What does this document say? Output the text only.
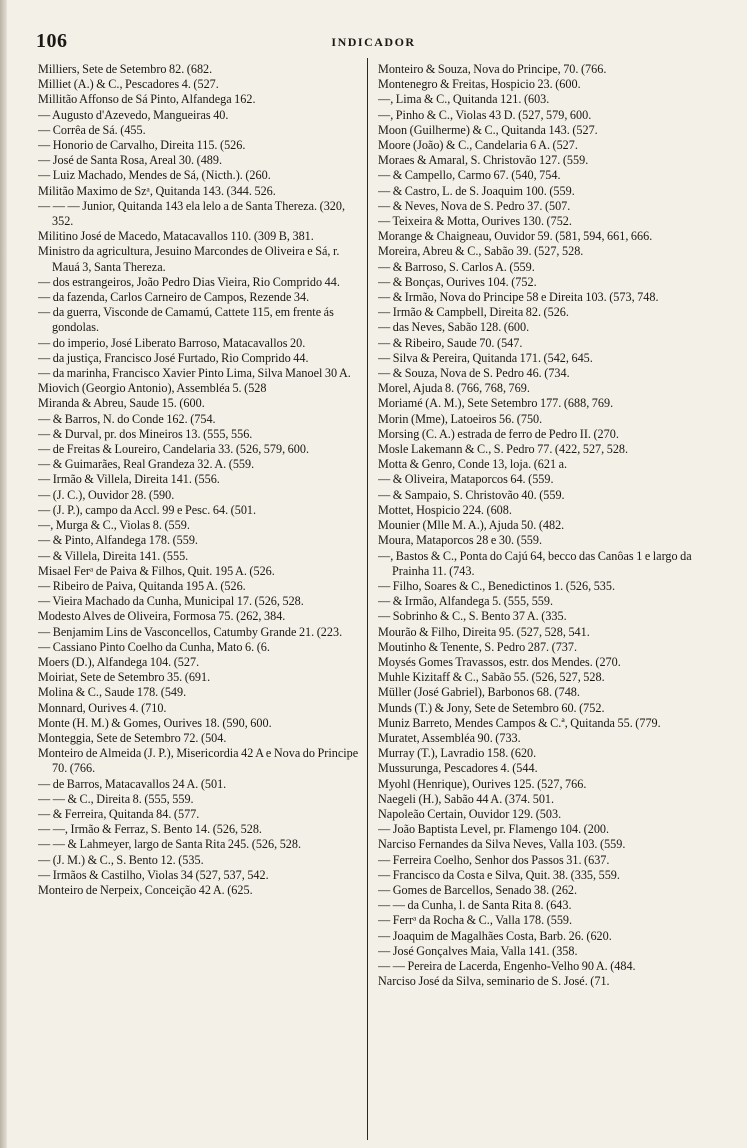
106	INDICADOR
Milliers, Sete de Setembro 82. (682.
Milliet (A.) & C., Pescadores 4. (527.
Millitão Affonso de Sá Pinto, Alfandega 162.
— Augusto d'Azevedo, Mangueiras 40.
— Corrêa de Sá. (455.
— Honorio de Carvalho, Direita 115. (526.
— José de Santa Rosa, Areal 30. (489.
— Luiz Machado, Mendes de Sá, (Nicth.). (260.
Militão Maximo de Szᵃ, Quitanda 143. (344. 526.
— — — Junior, Quitanda 143 ela lelo a de Santa Thereza. (320, 352.
Militino José de Macedo, Matacavallos 110. (309 B, 381.
Ministro da agricultura, Jesuino Marcondes de Oliveira e Sá, r. Mauá 3, Santa Thereza.
— dos estrangeiros, João Pedro Dias Vieira, Rio Comprido 44.
— da fazenda, Carlos Carneiro de Campos, Rezende 34.
— da guerra, Visconde de Camamú, Cattete 115, em frente ás gondolas.
— do imperio, José Liberato Barroso, Matacavallos 20.
— da justiça, Francisco José Furtado, Rio Comprido 44.
— da marinha, Francisco Xavier Pinto Lima, Silva Manoel 30 A.
Miovich (Georgio Antonio), Assembléa 5. (528
Miranda & Abreu, Saude 15. (600.
— & Barros, N. do Conde 162. (754.
— & Durval, pr. dos Mineiros 13. (555, 556.
— de Freitas & Loureiro, Candelaria 33. (526, 579, 600.
— & Guimarães, Real Grandeza 32. A. (559.
— Irmão & Villela, Direita 141. (556.
— (J. C.), Ouvidor 28. (590.
— (J. P.), campo da Accl. 99 e Pesc. 64. (501.
—, Murga & C., Violas 8. (559.
— & Pinto, Alfandega 178. (559.
— & Villela, Direita 141. (555.
Misael Ferᵃ de Paiva & Filhos, Quit. 195 A. (526.
— Ribeiro de Paiva, Quitanda 195 A. (526.
— Vieira Machado da Cunha, Municipal 17. (526, 528.
Modesto Alves de Oliveira, Formosa 75. (262, 384.
— Benjamim Lins de Vasconcellos, Catumby Grande 21. (223.
— Cassiano Pinto Coelho da Cunha, Mato 6. (6.
Moers (D.), Alfandega 104. (527.
Moiriat, Sete de Setembro 35. (691.
Molina & C., Saude 178. (549.
Monnard, Ourives 4. (710.
Monte (H. M.) & Gomes, Ourives 18. (590, 600.
Monteggia, Sete de Setembro 72. (504.
Monteiro de Almeida (J. P.), Misericordia 42 A e Nova do Principe 70. (766.
— de Barros, Matacavallos 24 A. (501.
— — & C., Direita 8. (555, 559.
— & Ferreira, Quitanda 84. (577.
— —, Irmão & Ferraz, S. Bento 14. (526, 528.
— — & Lahmeyer, largo de Santa Rita 245. (526, 528.
— (J. M.) & C., S. Bento 12. (535.
— Irmãos & Castilho, Violas 34 (527, 537, 542.
Monteiro de Nerpeix, Conceição 42 A. (625.
Monteiro & Souza, Nova do Principe, 70. (766.
Montenegro & Freitas, Hospicio 23. (600.
—, Lima & C., Quitanda 121. (603.
—, Pinho & C., Violas 43 D. (527, 579, 600.
Moon (Guilherme) & C., Quitanda 143. (527.
Moore (João) & C., Candelaria 6 A. (527.
Moraes & Amaral, S. Christovão 127. (559.
— & Campello, Carmo 67. (540, 754.
— & Castro, L. de S. Joaquim 100. (559.
— & Neves, Nova de S. Pedro 37. (507.
— Teixeira & Motta, Ourives 130. (752.
Morange & Chaigneau, Ouvidor 59. (581, 594, 661, 666.
Moreira, Abreu & C., Sabão 39. (527, 528.
— & Barroso, S. Carlos A. (559.
— & Bonças, Ourives 104. (752.
— & Irmão, Nova do Principe 58 e Direita 103. (573, 748.
— Irmão & Campbell, Direita 82. (526.
— das Neves, Sabão 128. (600.
— & Ribeiro, Saude 70. (547.
— Silva & Pereira, Quitanda 171. (542, 645.
— & Souza, Nova de S. Pedro 46. (734.
Morel, Ajuda 8. (766, 768, 769.
Moriamé (A. M.), Sete Setembro 177. (688, 769.
Morin (Mme), Latoeiros 56. (750.
Morsing (C. A.) estrada de ferro de Pedro II. (270.
Mosle Lakemann & C., S. Pedro 77. (422, 527, 528.
Motta & Genro, Conde 13, loja. (621 a.
— & Oliveira, Mataporcos 64. (559.
— & Sampaio, S. Christovão 40. (559.
Mottet, Hospicio 224. (608.
Mounier (Mlle M. A.), Ajuda 50. (482.
Moura, Mataporcos 28 e 30. (559.
—, Bastos & C., Ponta do Cajú 64, becco das Canôas 1 e largo da Prainha 11. (743.
— Filho, Soares & C., Benedictinos 1. (526, 535.
— & Irmão, Alfandega 5. (555, 559.
— Sobrinho & C., S. Bento 37 A. (335.
Mourão & Filho, Direita 95. (527, 528, 541.
Moutinho & Tenente, S. Pedro 287. (737.
Moysés Gomes Travassos, estr. dos Mendes. (270.
Muhle Kizitaff & C., Sabão 55. (526, 527, 528.
Müller (José Gabriel), Barbonos 68. (748.
Munds (T.) & Jony, Sete de Setembro 60. (752.
Muniz Barreto, Mendes Campos & C.ª, Quitanda 55. (779.
Muratet, Assembléa 90. (733.
Murray (T.), Lavradio 158. (620.
Mussurunga, Pescadores 4. (544.
Myohl (Henrique), Ourives 125. (527, 766.
Naegeli (H.), Sabão 44 A. (374. 501.
Napoleão Certain, Ouvidor 129. (503.
— João Baptista Level, pr. Flamengo 104. (200.
Narciso Fernandes da Silva Neves, Valla 103. (559.
— Ferreira Coelho, Senhor dos Passos 31. (637.
— Francisco da Costa e Silva, Quit. 38. (335, 559.
— Gomes de Barcellos, Senado 38. (262.
— — da Cunha, l. de Santa Rita 8. (643.
— Ferrᵃ da Rocha & C., Valla 178. (559.
— Joaquim de Magalhães Costa, Barb. 26. (620.
— José Gonçalves Maia, Valla 141. (358.
— — Pereira de Lacerda, Engenho-Velho 90 A. (484.
Narciso José da Silva, seminario de S. José. (71.
